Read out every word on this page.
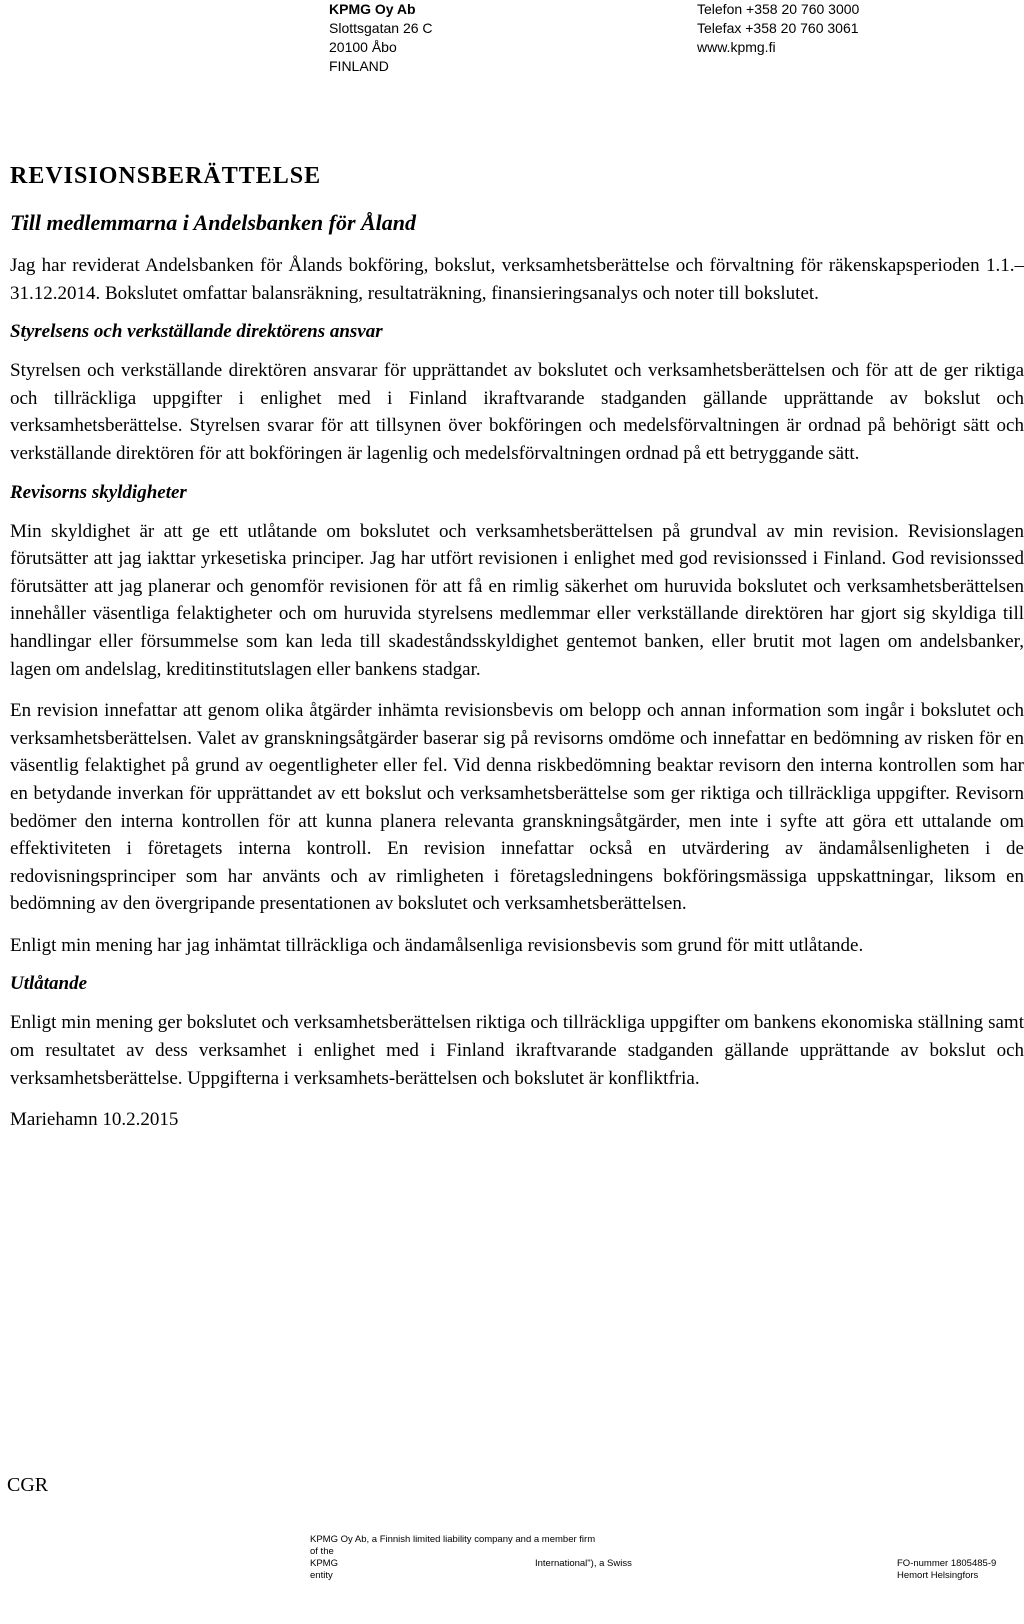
KPMG Oy Ab
Slottsgatan 26 C
20100 Åbo
FINLAND
Telefon +358 20 760 3000
Telefax +358 20 760 3061
www.kpmg.fi
REVISIONSBERÄTTELSE
Till medlemmarna i Andelsbanken för Åland

Jag har reviderat Andelsbanken för Ålands bokföring, bokslut, verksamhetsberättelse och förvaltning för räkenskapsperioden 1.1.–31.12.2014. Bokslutet omfattar balansräkning, resultaträkning, finansieringsanalys och noter till bokslutet.

Styrelsens och verkställande direktörens ansvar

Styrelsen och verkställande direktören ansvarar för upprättandet av bokslutet och verksamhetsberättelsen och för att de ger riktiga och tillräckliga uppgifter i enlighet med i Finland ikraftvarande stadganden gällande upprättande av bokslut och verksamhetsberättelse. Styrelsen svarar för att tillsynen över bokföringen och medelsförvaltningen är ordnad på behörigt sätt och verkställande direktören för att bokföringen är lagenlig och medelsförvaltningen ordnad på ett betryggande sätt.

Revisorns skyldigheter

Min skyldighet är att ge ett utlåtande om bokslutet och verksamhetsberättelsen på grundval av min revision. Revisionslagen förutsätter att jag iakttar yrkesetiska principer. Jag har utfört revisionen i enlighet med god revisionssed i Finland. God revisionssed förutsätter att jag planerar och genomför revisionen för att få en rimlig säkerhet om huruvida bokslutet och verksamhetsberättelsen innehåller väsentliga felaktigheter och om huruvida styrelsens medlemmar eller verkställande direktören har gjort sig skyldiga till handlingar eller försummelse som kan leda till skadeståndsskyldighet gentemot banken, eller brutit mot lagen om andelsbanker, lagen om andelslag, kreditinstitutslagen eller bankens stadgar.

En revision innefattar att genom olika åtgärder inhämta revisionsbevis om belopp och annan information som ingår i bokslutet och verksamhetsberättelsen. Valet av granskningsåtgärder baserar sig på revisorns omdöme och innefattar en bedömning av risken för en väsentlig felaktighet på grund av oegentligheter eller fel. Vid denna riskbedömning beaktar revisorn den interna kontrollen som har en betydande inverkan för upprättandet av ett bokslut och verksamhetsberättelse som ger riktiga och tillräckliga uppgifter. Revisorn bedömer den interna kontrollen för att kunna planera relevanta granskningsåtgärder, men inte i syfte att göra ett uttalande om effektiviteten i företagets interna kontroll. En revision innefattar också en utvärdering av ändamålsenligheten i de redovisningsprinciper som har använts och av rimligheten i företagsledningens bokföringsmässiga uppskattningar, liksom en bedömning av den övergripande presentationen av bokslutet och verksamhetsberättelsen.

Enligt min mening har jag inhämtat tillräckliga och ändamålsenliga revisionsbevis som grund för mitt utlåtande.

Utlåtande

Enligt min mening ger bokslutet och verksamhetsberättelsen riktiga och tillräckliga uppgifter om bankens ekonomiska ställning samt om resultatet av dess verksamhet i enlighet med i Finland ikraftvarande stadganden gällande upprättande av bokslut och verksamhetsberättelse. Uppgifterna i verksamhets-berättelsen och bokslutet är konfliktfria.

Mariehamn 10.2.2015

CGR
KPMG Oy Ab, a Finnish limited liability company and a member firm
of the
KPMG	International"), a Swiss
entity
FO-nummer 1805485-9
Hemort Helsingfors
